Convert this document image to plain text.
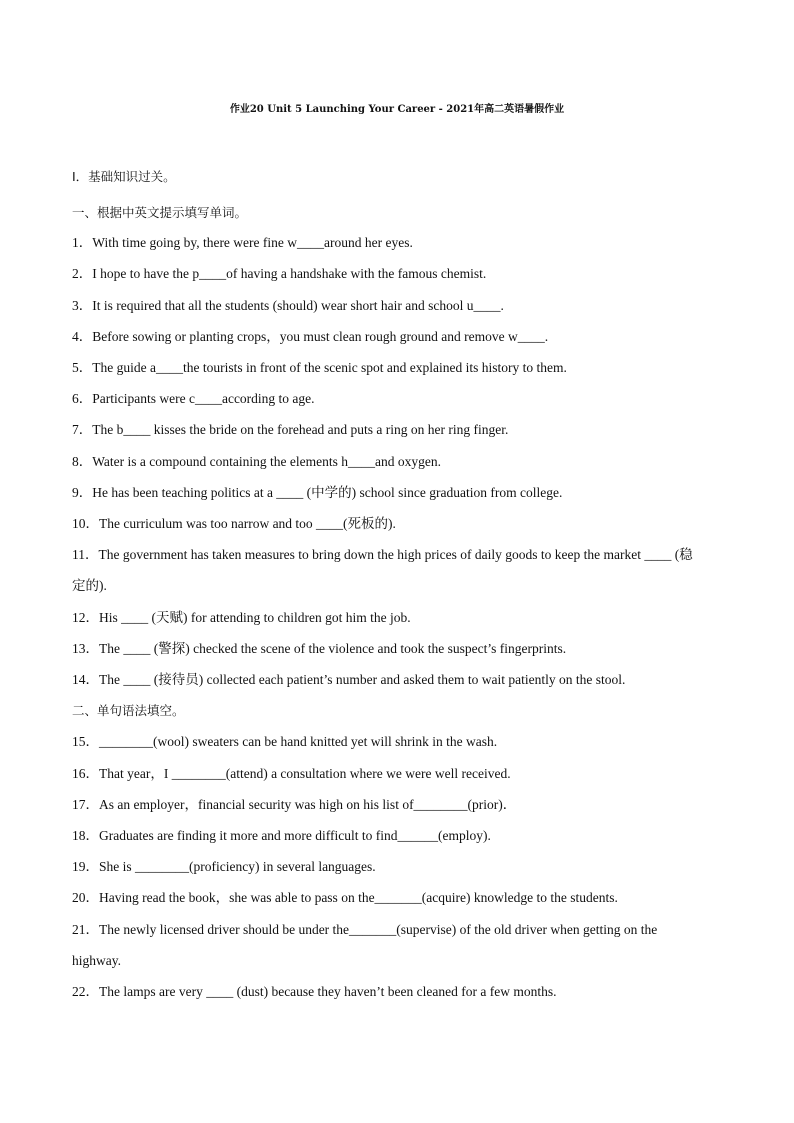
作业20 Unit 5 Launching Your Career - 2021年高二英语暑假作业
I．基础知识过关。
一、根据中英文提示填写单词。
1．With time going by, there were fine w____around her eyes.
2．I hope to have the p____of having a handshake with the famous chemist.
3．It is required that all the students (should) wear short hair and school u____.
4．Before sowing or planting crops，you must clean rough ground and remove w____.
5．The guide a____the tourists in front of the scenic spot and explained its history to them.
6．Participants were c____according to age.
7．The b____ kisses the bride on the forehead and puts a ring on her ring finger.
8．Water is a compound containing the elements h____and oxygen.
9．He has been teaching politics at a ____ (中学的) school since graduation from college.
10．The curriculum was too narrow and too ____(死板的).
11．The government has taken measures to bring down the high prices of daily goods to keep the market ____ (稳
定的).
12．His ____ (天赋) for attending to children got him the job.
13．The ____ (警探) checked the scene of the violence and took the suspect’s fingerprints.
14．The ____ (接待员) collected each patient’s number and asked them to wait patiently on the stool.
二、单句语法填空。
15．________(wool) sweaters can be hand knitted yet will shrink in the wash.
16．That year，I ________(attend) a consultation where we were well received.
17．As an employer，financial security was high on his list of________(prior)．
18．Graduates are finding it more and more difficult to find______(employ).
19．She is ________(proficiency) in several languages.
20．Having read the book，she was able to pass on the_______(acquire) knowledge to the students.
21．The newly licensed driver should be under the_______(supervise) of the old driver when getting on the
highway.
22．The lamps are very ____ (dust) because they haven’t been cleaned for a few months.
